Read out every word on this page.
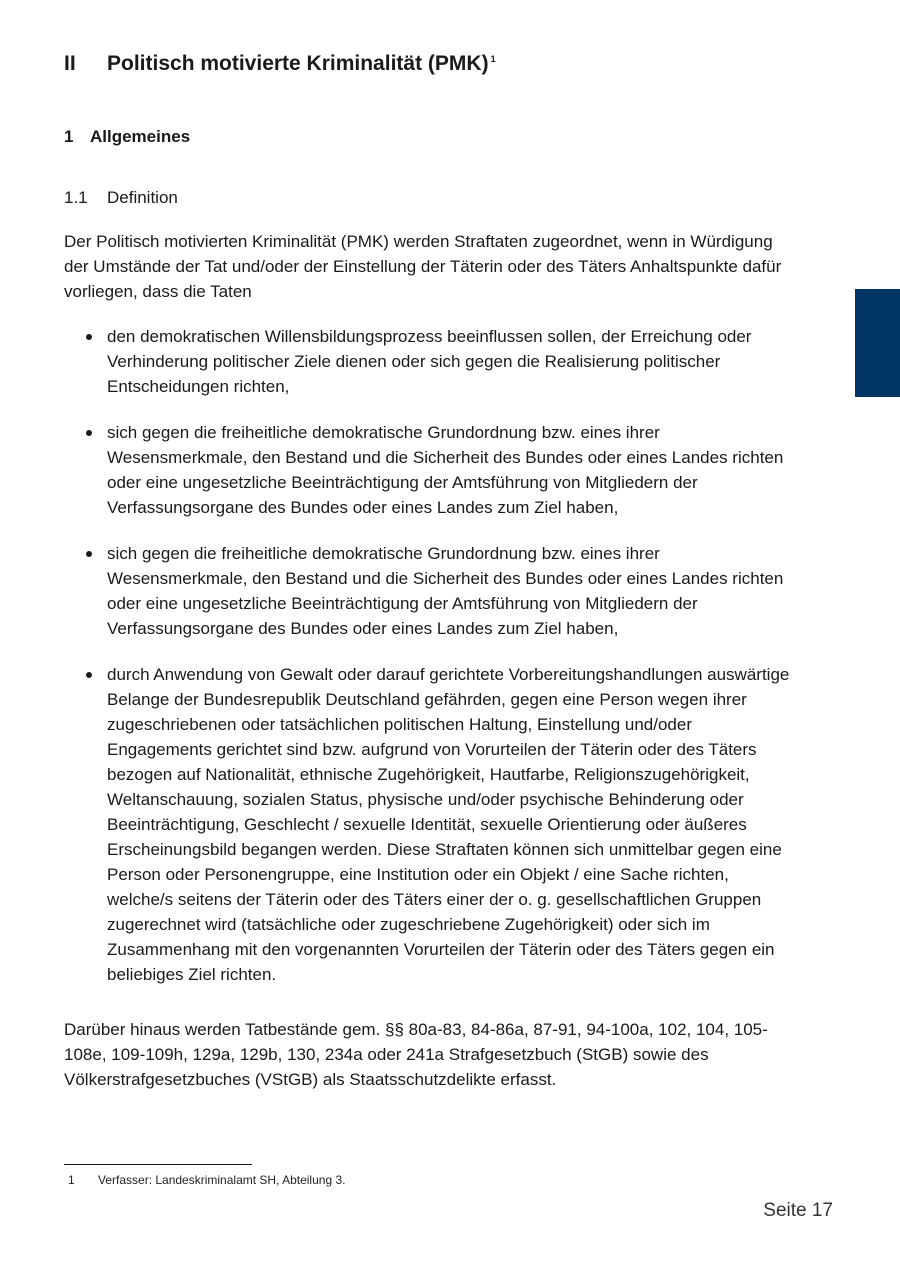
II	Politisch motivierte Kriminalität (PMK) $^1$
1 Allgemeines
1.1	Definition

Der Politisch motivierten Kriminalität (PMK) werden Straftaten zugeordnet, wenn in Würdigung der Umstände der Tat und/oder der Einstellung der Täterin oder des Täters Anhaltspunkte dafür vorliegen, dass die Taten

den demokratischen Willensbildungsprozess beeinflussen sollen, der Erreichung oder Verhinderung politischer Ziele dienen oder sich gegen die Realisierung politischer Entscheidungen richten,
sich gegen die freiheitliche demokratische Grundordnung bzw. eines ihrer Wesensmerkmale, den Bestand und die Sicherheit des Bundes oder eines Landes richten oder eine ungesetzliche Beeinträchtigung der Amtsführung von Mitgliedern der Verfassungsorgane des Bundes oder eines Landes zum Ziel haben,
sich gegen die freiheitliche demokratische Grundordnung bzw. eines ihrer Wesensmerkmale, den Bestand und die Sicherheit des Bundes oder eines Landes richten oder eine ungesetzliche Beeinträchtigung der Amtsführung von Mitgliedern der Verfassungsorgane des Bundes oder eines Landes zum Ziel haben,
durch Anwendung von Gewalt oder darauf gerichtete Vorbereitungshandlungen auswärtige Belange der Bundesrepublik Deutschland gefährden, gegen eine Person wegen ihrer zugeschriebenen oder tatsächlichen politischen Haltung, Einstellung und/oder Engagements gerichtet sind bzw. aufgrund von Vorurteilen der Täterin oder des Täters bezogen auf Nationalität, ethnische Zugehörigkeit, Hautfarbe, Religionszugehörigkeit, Weltanschauung, sozialen Status, physische und/oder psychische Behinderung oder Beeinträchtigung, Geschlecht / sexuelle Identität, sexuelle Orientierung oder äußeres Erscheinungsbild begangen werden. Diese Straftaten können sich unmittelbar gegen eine Person oder Personengruppe, eine Institution oder ein Objekt / eine Sache richten, welche/s seitens der Täterin oder des Täters einer der o. g. gesellschaftlichen Gruppen zugerechnet wird (tatsächliche oder zugeschriebene Zugehörigkeit) oder sich im Zusammenhang mit den vorgenannten Vorurteilen der Täterin oder des Täters gegen ein beliebiges Ziel richten.

Darüber hinaus werden Tatbestände gem. §§ 80a-83, 84-86a, 87-91, 94-100a, 102, 104, 105-108e, 109-109h, 129a, 129b, 130, 234a oder 241a Strafgesetzbuch (StGB) sowie des Völkerstrafgesetzbuches (VStGB) als Staatsschutzdelikte erfasst.

1	Verfasser: Landeskriminalamt SH, Abteilung 3.
Seite 17
